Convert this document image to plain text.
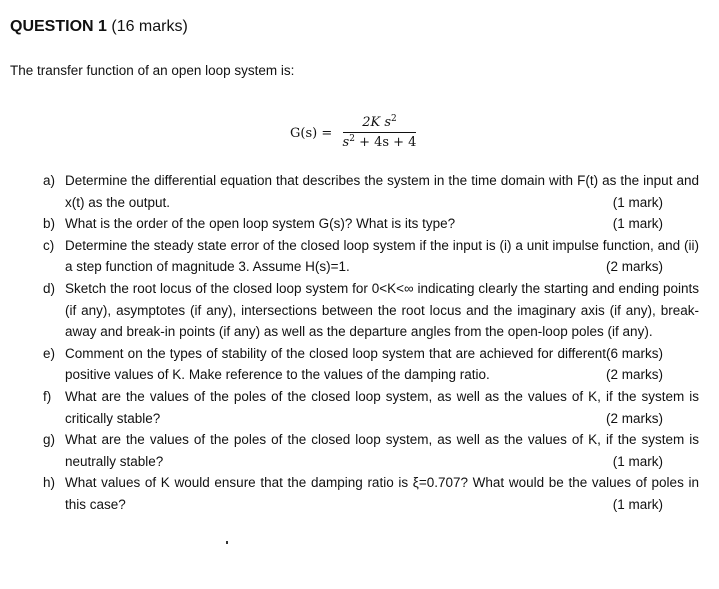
QUESTION 1 (16 marks)
The transfer function of an open loop system is:
G(s) =
2K $s^2$
$s^2 + 4s + 4$
a) Determine the differential equation that describes the system in the time domain with F(t) as the input and x(t) as the output.	(1 mark)
b) What is the order of the open loop system G(s)? What is its type?	(1 mark)
c) Determine the steady state error of the closed loop system if the input is (i) a unit impulse function, and (ii) a step function of magnitude 3. Assume H(s)=1.	(2 marks)
d) Sketch the root locus of the closed loop system for 0<K<∞ indicating clearly the starting and ending points (if any), asymptotes (if any), intersections between the root locus and the imaginary axis (if any), break-away and break-in points (if any) as well as the departure angles from the open-loop poles (if any).
(6 marks)
e) Comment on the types of stability of the closed loop system that are achieved for different positive values of K. Make reference to the values of the damping ratio.	(2 marks)
f) What are the values of the poles of the closed loop system, as well as the values of K, if the system is critically stable?	(2 marks)
g) What are the values of the poles of the closed loop system, as well as the values of K, if the system is neutrally stable?	(1 mark)
h) What values of K would ensure that the damping ratio is ξ=0.707? What would be the values of poles in this case?	(1 mark)
